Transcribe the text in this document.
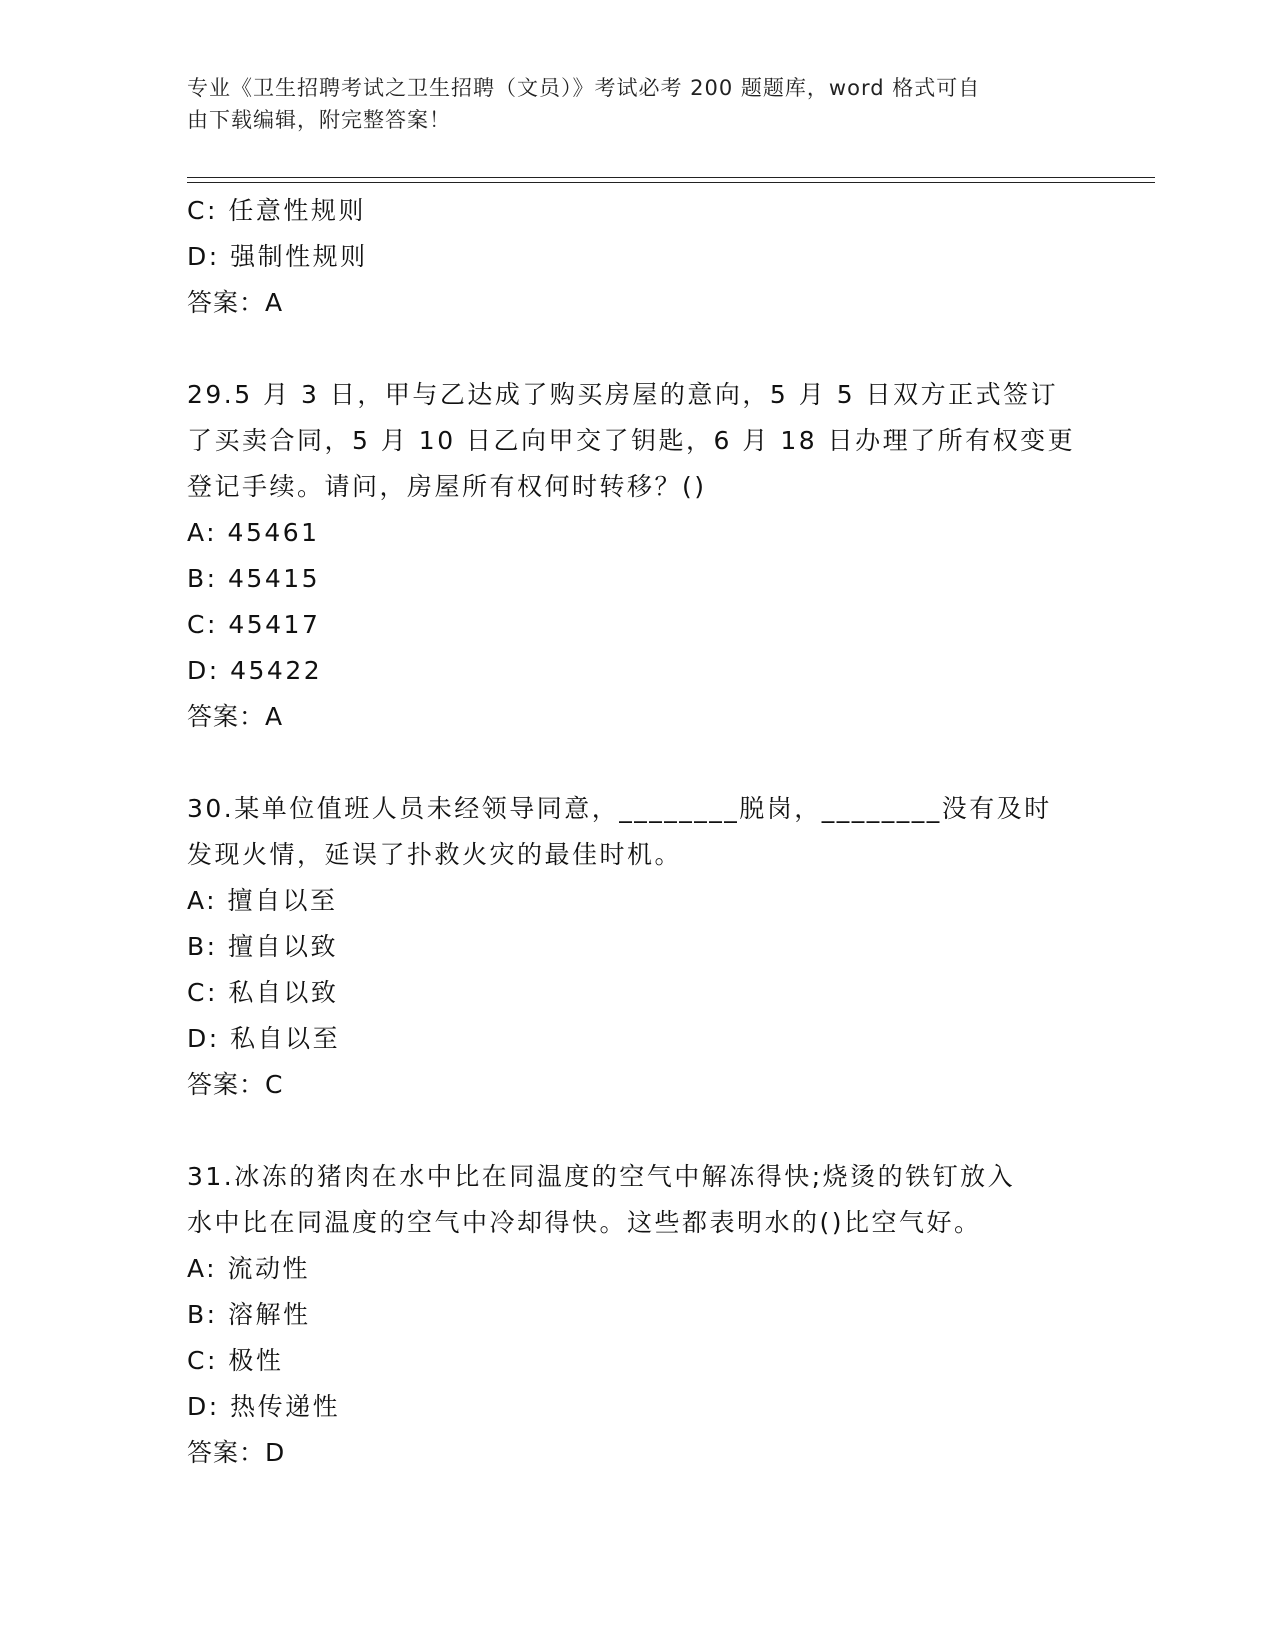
专业《卫生招聘考试之卫生招聘（文员）》考试必考 200 题题库，word 格式可自
由下载编辑，附完整答案！
C: 任意性规则
D: 强制性规则
答案：A
29.5 月 3 日，甲与乙达成了购买房屋的意向，5 月 5 日双方正式签订
了买卖合同，5 月 10 日乙向甲交了钥匙，6 月 18 日办理了所有权变更
登记手续。请问，房屋所有权何时转移？()
A: 45461
B: 45415
C: 45417
D: 45422
答案：A
30.某单位值班人员未经领导同意，________脱岗，________没有及时
发现火情，延误了扑救火灾的最佳时机。
A: 擅自以至
B: 擅自以致
C: 私自以致
D: 私自以至
答案：C
31.冰冻的猪肉在水中比在同温度的空气中解冻得快;烧烫的铁钉放入
水中比在同温度的空气中冷却得快。这些都表明水的()比空气好。
A: 流动性
B: 溶解性
C: 极性
D: 热传递性
答案：D
